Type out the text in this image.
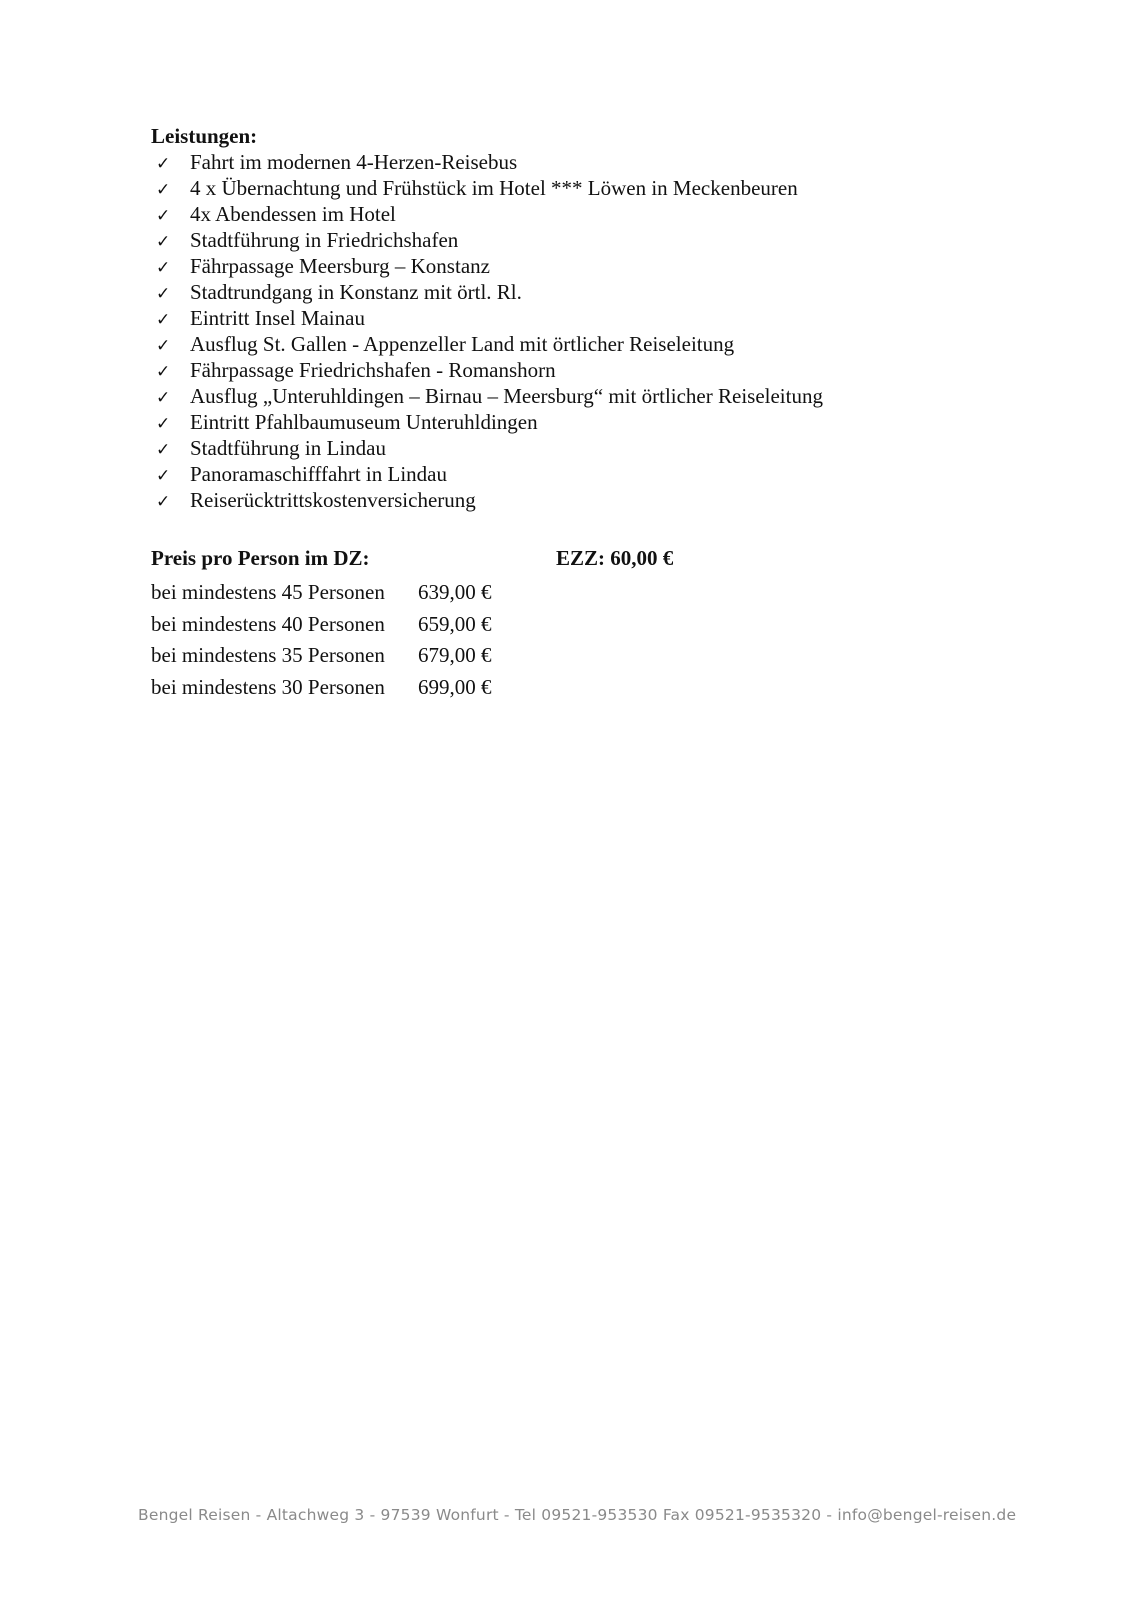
Leistungen:
✓ Fahrt im modernen 4-Herzen-Reisebus
✓ 4 x Übernachtung und Frühstück im Hotel *** Löwen in Meckenbeuren
✓ 4x Abendessen im Hotel
✓ Stadtführung in Friedrichshafen
✓ Fährpassage Meersburg – Konstanz
✓ Stadtrundgang in Konstanz mit örtl. Rl.
✓ Eintritt Insel Mainau
✓ Ausflug St. Gallen - Appenzeller Land mit örtlicher Reiseleitung
✓ Fährpassage Friedrichshafen - Romanshorn
✓ Ausflug „Unteruhldingen – Birnau – Meersburg“ mit örtlicher Reiseleitung
✓ Eintritt Pfahlbaumuseum Unteruhldingen
✓ Stadtführung in Lindau
✓ Panoramaschifffahrt in Lindau
✓ Reiserücktrittskostenversicherung
Preis pro Person im DZ:	EZZ: 60,00 €
bei mindestens 45 Personen 639,00 €
bei mindestens 40 Personen 659,00 €
bei mindestens 35 Personen 679,00 €
bei mindestens 30 Personen 699,00 €
Bengel Reisen - Altachweg 3 - 97539 Wonfurt - Tel 09521-953530 Fax 09521-9535320 - info@bengel-reisen.de
